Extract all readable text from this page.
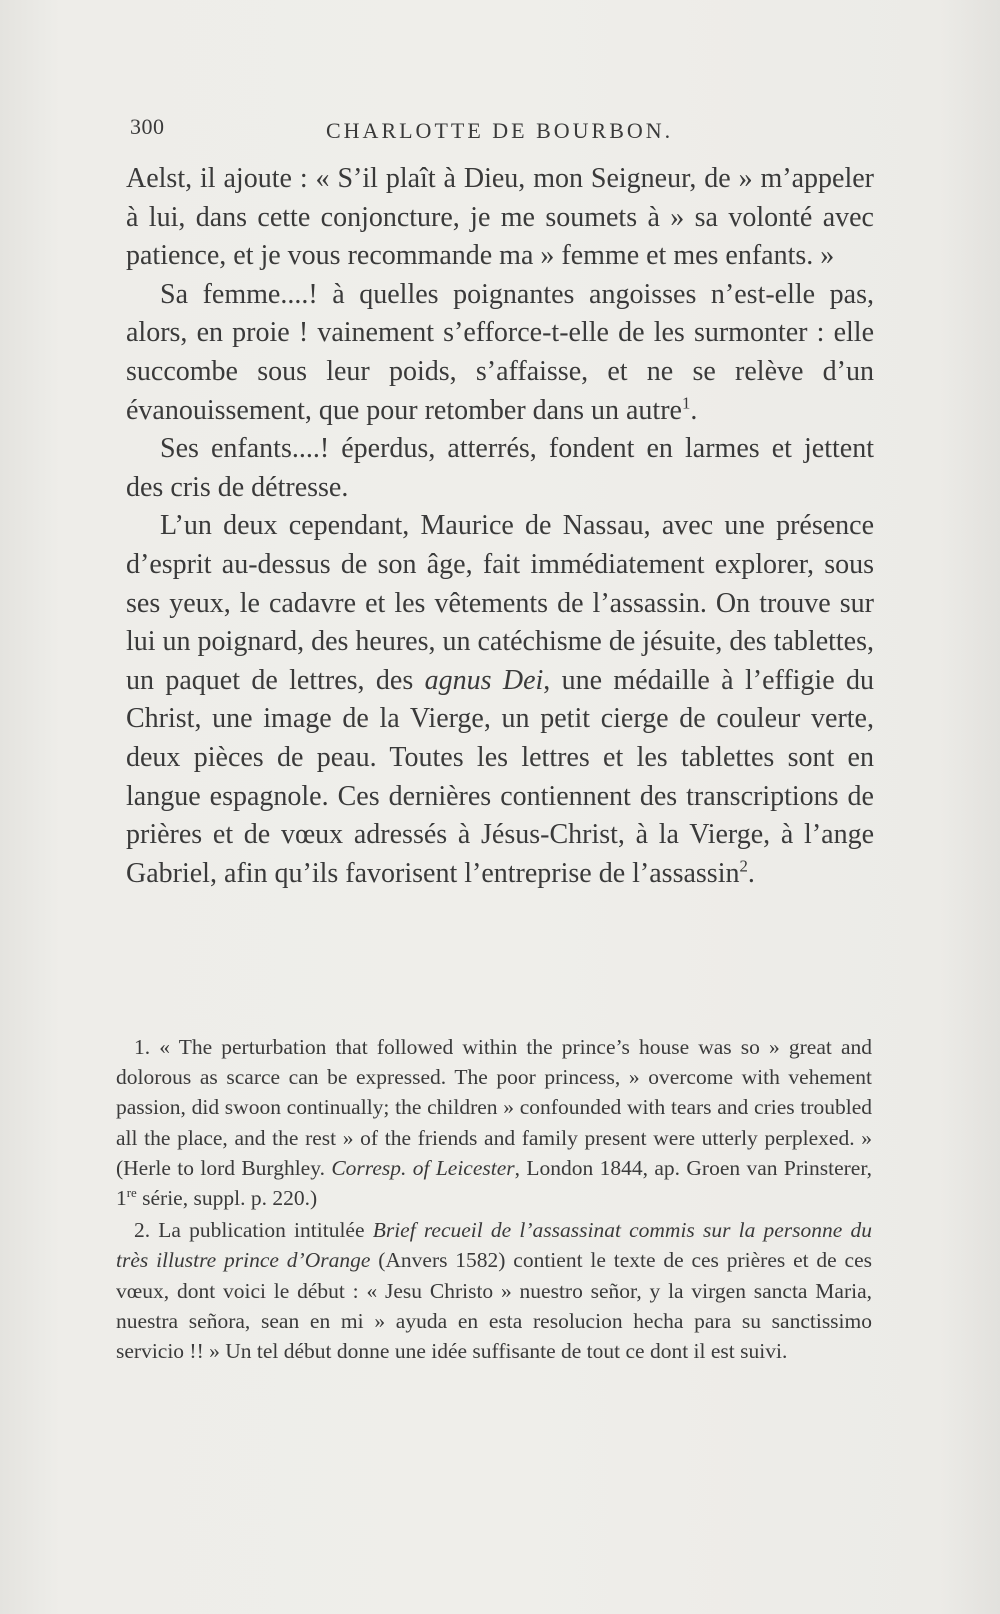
300	CHARLOTTE DE BOURBON.

Aelst, il ajoute : « S’il plaît à Dieu, mon Seigneur, de » m’appeler à lui, dans cette conjoncture, je me soumets à » sa volonté avec patience, et je vous recommande ma » femme et mes enfants. »

Sa femme....! à quelles poignantes angoisses n’est-elle pas, alors, en proie ! vainement s’efforce-t-elle de les surmonter : elle succombe sous leur poids, s’affaisse, et ne se relève d’un évanouissement, que pour retomber dans un autre$^1$.

Ses enfants....! éperdus, atterrés, fondent en larmes et jettent des cris de détresse.

L’un deux cependant, Maurice de Nassau, avec une présence d’esprit au-dessus de son âge, fait immédiatement explorer, sous ses yeux, le cadavre et les vêtements de l’assassin. On trouve sur lui un poignard, des heures, un catéchisme de jésuite, des tablettes, un paquet de lettres, des agnus Dei, une médaille à l’effigie du Christ, une image de la Vierge, un petit cierge de couleur verte, deux pièces de peau. Toutes les lettres et les tablettes sont en langue espagnole. Ces dernières contiennent des transcriptions de prières et de vœux adressés à Jésus-Christ, à la Vierge, à l’ange Gabriel, afin qu’ils favorisent l’entreprise de l’assassin$^2$.

1. « The perturbation that followed within the prince’s house was so » great and dolorous as scarce can be expressed. The poor princess, » overcome with vehement passion, did swoon continually; the children » confounded with tears and cries troubled all the place, and the rest » of the friends and family present were utterly perplexed. » (Herle to lord Burghley. Corresp. of Leicester, London 1844, ap. Groen van Prinsterer, 1re série, suppl. p. 220.)

2. La publication intitulée Brief recueil de l’assassinat commis sur la personne du très illustre prince d’Orange (Anvers 1582) contient le texte de ces prières et de ces vœux, dont voici le début : « Jesu Christo » nuestro señor, y la virgen sancta Maria, nuestra señora, sean en mi » ayuda en esta resolucion hecha para su sanctissimo servicio !! » Un tel début donne une idée suffisante de tout ce dont il est suivi.
